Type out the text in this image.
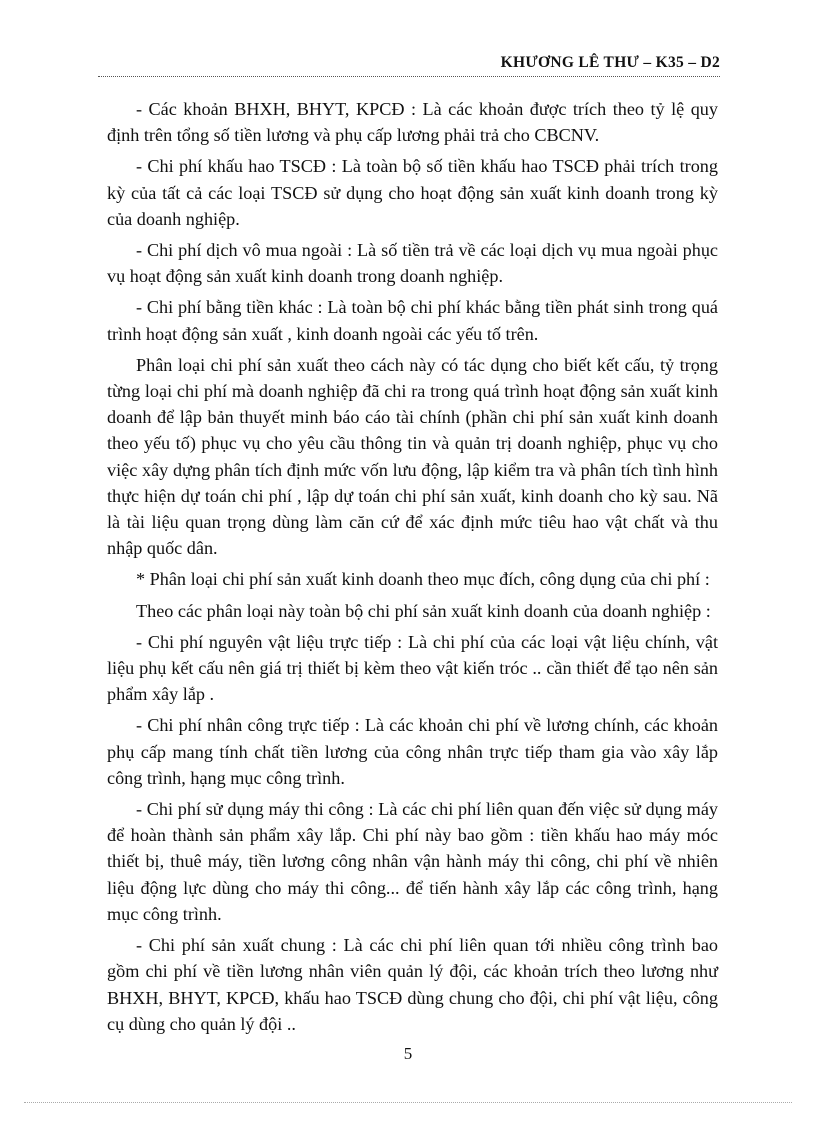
KHƯƠNG LÊ THƯ – K35 – D2

- Các khoản BHXH, BHYT, KPCĐ : Là các khoản được trích theo tỷ lệ quy định trên tổng số tiền lương và phụ cấp lương phải trả cho CBCNV.

- Chi phí khấu hao TSCĐ : Là toàn bộ số tiền khấu hao TSCĐ phải trích trong kỳ của tất cả các loại TSCĐ sử dụng cho hoạt động sản xuất kinh doanh trong kỳ của doanh nghiệp.

- Chi phí dịch vô mua ngoài : Là số tiền trả về các loại dịch vụ mua ngoài phục vụ hoạt động sản xuất kinh doanh trong doanh nghiệp.

- Chi phí bằng tiền khác : Là toàn bộ chi phí khác bằng tiền phát sinh trong quá trình hoạt động sản xuất , kinh doanh ngoài các yếu tố trên.

Phân loại chi phí sản xuất theo cách này có tác dụng cho biết kết cấu, tỷ trọng từng loại chi phí mà doanh nghiệp đã chi ra trong quá trình hoạt động sản xuất kinh doanh để lập bản thuyết minh báo cáo tài chính (phần chi phí sản xuất kinh doanh theo yếu tố) phục vụ cho yêu cầu thông tin và quản trị doanh nghiệp, phục vụ cho việc xây dựng phân tích định mức vốn lưu động, lập kiểm tra và phân tích tình hình thực hiện dự toán chi phí , lập dự toán chi phí sản xuất, kinh doanh cho kỳ sau. Nã là tài liệu quan trọng dùng làm căn cứ để xác định mức tiêu hao vật chất và thu nhập quốc dân.

* Phân loại chi phí sản xuất kinh doanh theo mục đích, công dụng của chi phí :

Theo các phân loại này toàn bộ chi phí sản xuất kinh doanh của doanh nghiệp :

- Chi phí nguyên vật liệu trực tiếp : Là chi phí của các loại vật liệu chính, vật liệu phụ kết cấu nên giá trị thiết bị kèm theo vật kiến tróc .. cần thiết để tạo nên sản phẩm xây lắp .

- Chi phí nhân công trực tiếp : Là các khoản chi phí về lương chính, các khoản phụ cấp mang tính chất tiền lương của công nhân trực tiếp tham gia vào xây lắp công trình, hạng mục công trình.

- Chi phí sử dụng máy thi công : Là các chi phí liên quan đến việc sử dụng máy để hoàn thành sản phẩm xây lắp. Chi phí này bao gồm : tiền khấu hao máy móc thiết bị, thuê máy, tiền lương công nhân vận hành máy thi công, chi phí về nhiên liệu động lực dùng cho máy thi công... để tiến hành xây lắp các công trình, hạng mục công trình.

- Chi phí sản xuất chung : Là các chi phí liên quan tới nhiều công trình bao gồm chi phí về tiền lương nhân viên quản lý đội, các khoản trích theo lương như BHXH, BHYT, KPCĐ, khấu hao TSCĐ dùng chung cho đội, chi phí vật liệu, công cụ dùng cho quản lý đội ..

5
